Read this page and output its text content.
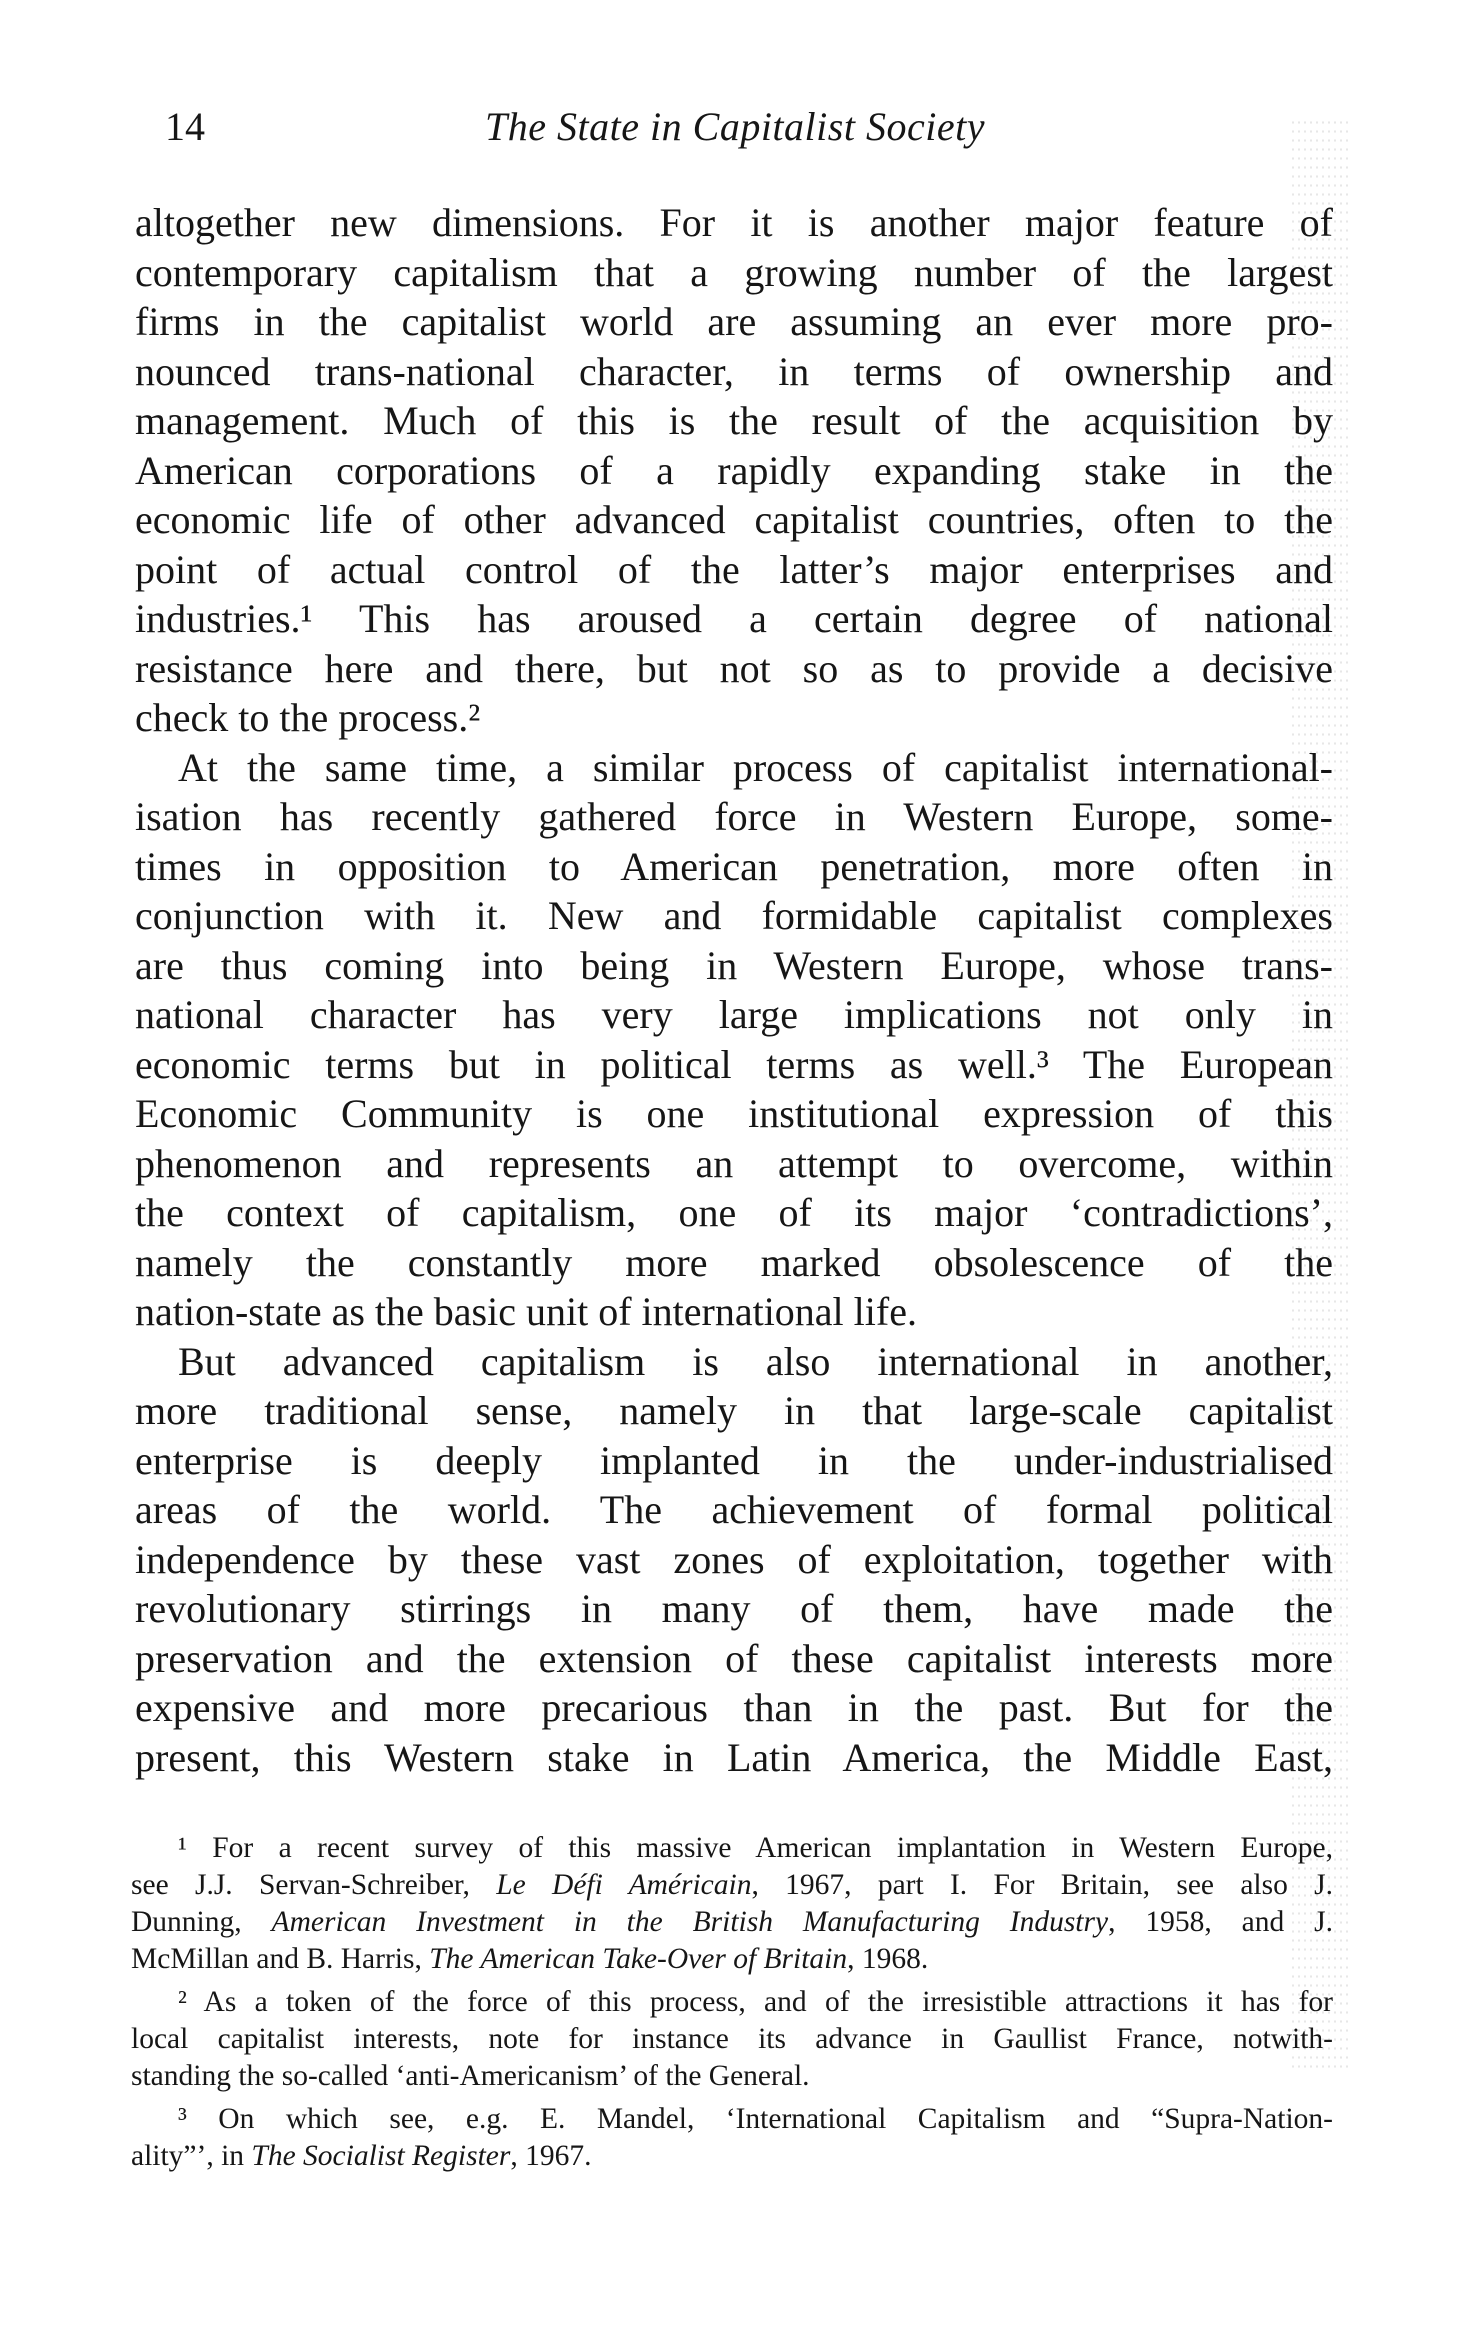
14	The State in Capitalist Society
altogether new dimensions. For it is another major feature of
contemporary capitalism that a growing number of the largest
firms in the capitalist world are assuming an ever more pro-
nounced trans-national character, in terms of ownership and
management. Much of this is the result of the acquisition by
American corporations of a rapidly expanding stake in the
economic life of other advanced capitalist countries, often to the
point of actual control of the latter’s major enterprises and
industries.¹ This has aroused a certain degree of national
resistance here and there, but not so as to provide a decisive
check to the process.²
At the same time, a similar process of capitalist international-
isation has recently gathered force in Western Europe, some-
times in opposition to American penetration, more often in
conjunction with it. New and formidable capitalist complexes
are thus coming into being in Western Europe, whose trans-
national character has very large implications not only in
economic terms but in political terms as well.³ The European
Economic Community is one institutional expression of this
phenomenon and represents an attempt to overcome, within
the context of capitalism, one of its major ‘contradictions’,
namely the constantly more marked obsolescence of the
nation-state as the basic unit of international life.
But advanced capitalism is also international in another,
more traditional sense, namely in that large-scale capitalist
enterprise is deeply implanted in the under-industrialised
areas of the world. The achievement of formal political
independence by these vast zones of exploitation, together with
revolutionary stirrings in many of them, have made the
preservation and the extension of these capitalist interests more
expensive and more precarious than in the past. But for the
present, this Western stake in Latin America, the Middle East,
¹ For a recent survey of this massive American implantation in Western Europe,
see J.J. Servan-Schreiber, Le Défi Américain, 1967, part I. For Britain, see also J.
Dunning, American Investment in the British Manufacturing Industry, 1958, and J.
McMillan and B. Harris, The American Take-Over of Britain, 1968.
² As a token of the force of this process, and of the irresistible attractions it has for
local capitalist interests, note for instance its advance in Gaullist France, notwith-
standing the so-called ‘anti-Americanism’ of the General.
³ On which see, e.g. E. Mandel, ‘International Capitalism and “Supra-Nation-
ality”’, in The Socialist Register, 1967.
